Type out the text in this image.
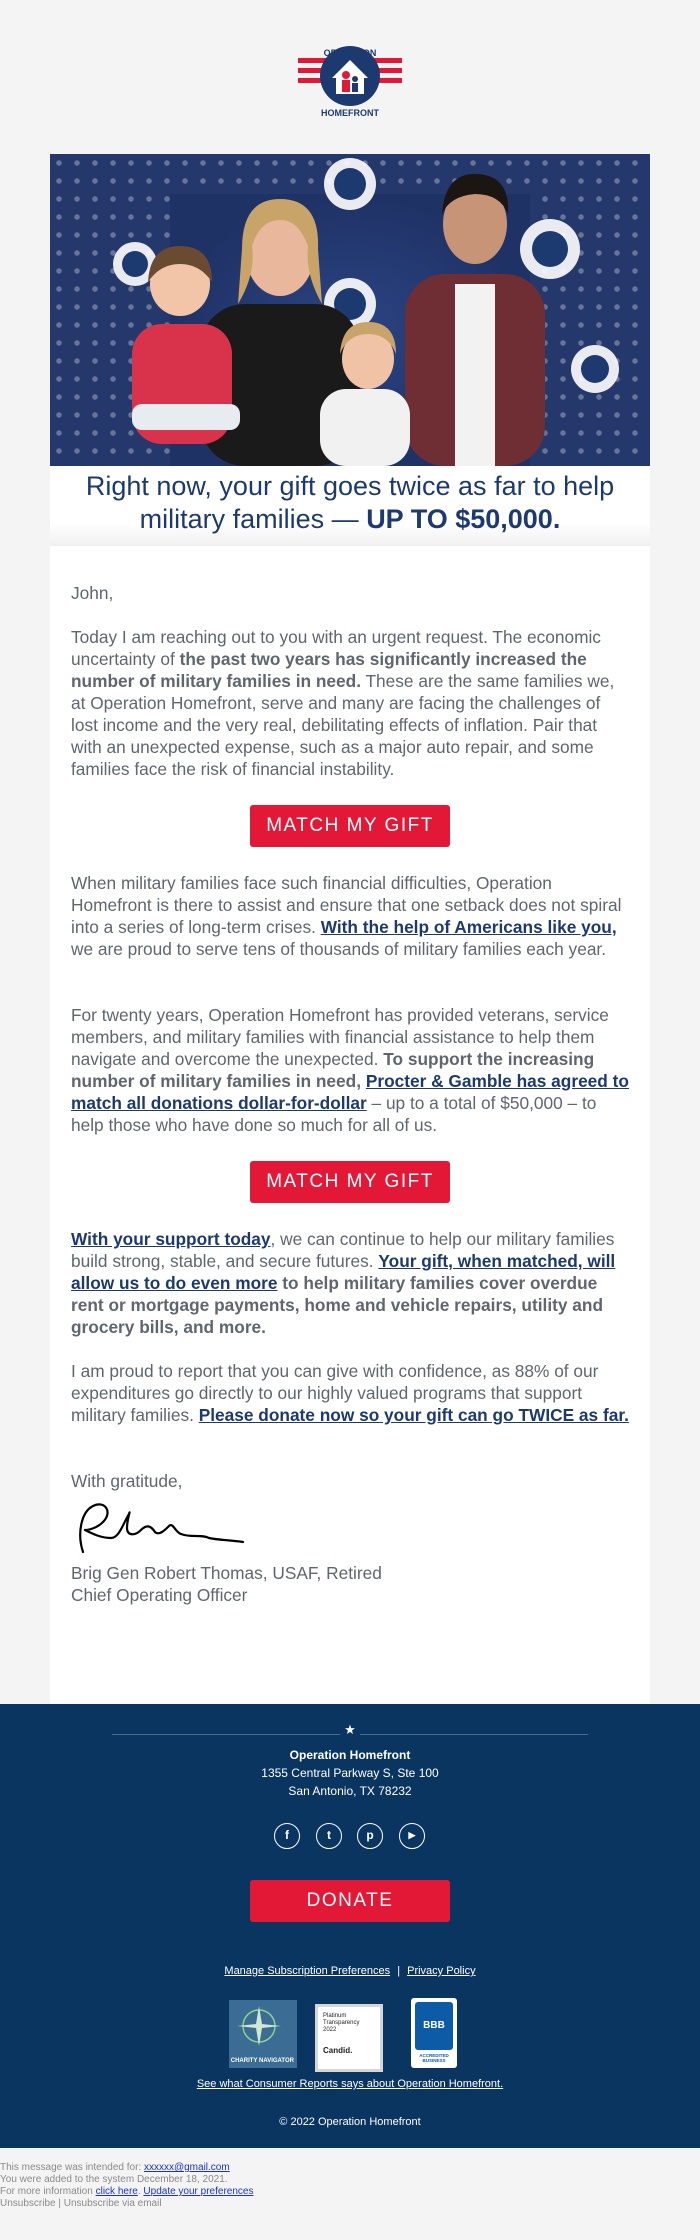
OPERATION
HOMEFRONT
Right now, your gift goes twice as far to help military families — UP TO $50,000.

John,

Today I am reaching out to you with an urgent request. The economic uncertainty of the past two years has significantly increased the number of military families in need. These are the same families we, at Operation Homefront, serve and many are facing the challenges of lost income and the very real, debilitating effects of inflation. Pair that with an unexpected expense, such as a major auto repair, and some families face the risk of financial instability.

MATCH MY GIFT

When military families face such financial difficulties, Operation Homefront is there to assist and ensure that one setback does not spiral into a series of long-term crises. With the help of Americans like you, we are proud to serve tens of thousands of military families each year.

For twenty years, Operation Homefront has provided veterans, service members, and military families with financial assistance to help them navigate and overcome the unexpected. To support the increasing number of military families in need, Procter & Gamble has agreed to match all donations dollar-for-dollar – up to a total of $50,000 – to help those who have done so much for all of us.

MATCH MY GIFT

With your support today, we can continue to help our military families build strong, stable, and secure futures. Your gift, when matched, will allow us to do even more to help military families cover overdue rent or mortgage payments, home and vehicle repairs, utility and grocery bills, and more.

I am proud to report that you can give with confidence, as 88% of our expenditures go directly to our highly valued programs that support military families. Please donate now so your gift can go TWICE as far.

With gratitude,

Brig Gen Robert Thomas, USAF, Retired

Chief Operating Officer

★
Operation Homefront
1355 Central Parkway S, Ste 100
San Antonio, TX 78232
f	t	p	▶
DONATE
Manage Subscription Preferences | Privacy Policy
CHARITY NAVIGATOR
Platinum
Transparency
2022
Candid.
BBB
ACCREDITED BUSINESS
See what Consumer Reports says about Operation Homefront.
© 2022 Operation Homefront
This message was intended for: xxxxxx@gmail.com
You were added to the system December 18, 2021.
For more information click here. Update your preferences
Unsubscribe | Unsubscribe via email
